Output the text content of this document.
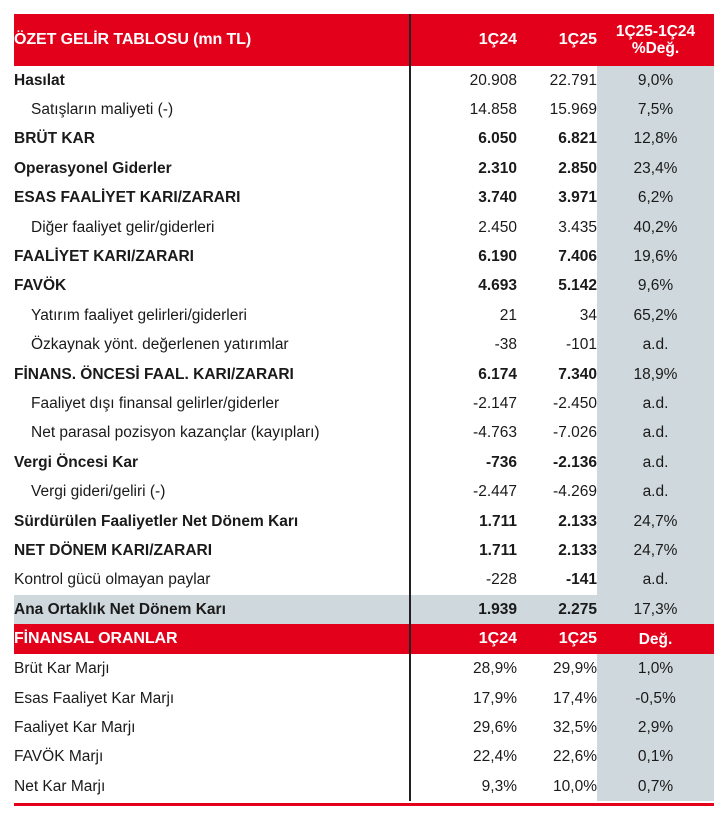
ÖZET GELİR TABLOSU (mn TL)	1Ç24	1Ç25	1Ç25-1Ç24
%Değ.

Hasılat	20.908	22.791	9,0%
Satışların maliyeti (-)	14.858	15.969	7,5%
BRÜT KAR	6.050	6.821	12,8%
Operasyonel Giderler	2.310	2.850	23,4%
ESAS FAALİYET KARI/ZARARI	3.740	3.971	6,2%
Diğer faaliyet gelir/giderleri	2.450	3.435	40,2%
FAALİYET KARI/ZARARI	6.190	7.406	19,6%
FAVÖK	4.693	5.142	9,6%
Yatırım faaliyet gelirleri/giderleri	21	34	65,2%
Özkaynak yönt. değerlenen yatırımlar	-38	-101	a.d.
FİNANS. ÖNCESİ FAAL. KARI/ZARARI	6.174	7.340	18,9%
Faaliyet dışı finansal gelirler/giderler	-2.147	-2.450	a.d.
Net parasal pozisyon kazançlar (kayıpları)	-4.763	-7.026	a.d.
Vergi Öncesi Kar	-736	-2.136	a.d.
Vergi gideri/geliri (-)	-2.447	-4.269	a.d.
Sürdürülen Faaliyetler Net Dönem Karı	1.711	2.133	24,7%
NET DÖNEM KARI/ZARARI	1.711	2.133	24,7%
Kontrol gücü olmayan paylar	-228	-141	a.d.
Ana Ortaklık Net Dönem Karı	1.939	2.275	17,3%
FİNANSAL ORANLAR	1Ç24	1Ç25	Değ.
Brüt Kar Marjı	28,9%	29,9%	1,0%
Esas Faaliyet Kar Marjı	17,9%	17,4%	-0,5%
Faaliyet Kar Marjı	29,6%	32,5%	2,9%
FAVÖK Marjı	22,4%	22,6%	0,1%
Net Kar Marjı	9,3%	10,0%	0,7%
